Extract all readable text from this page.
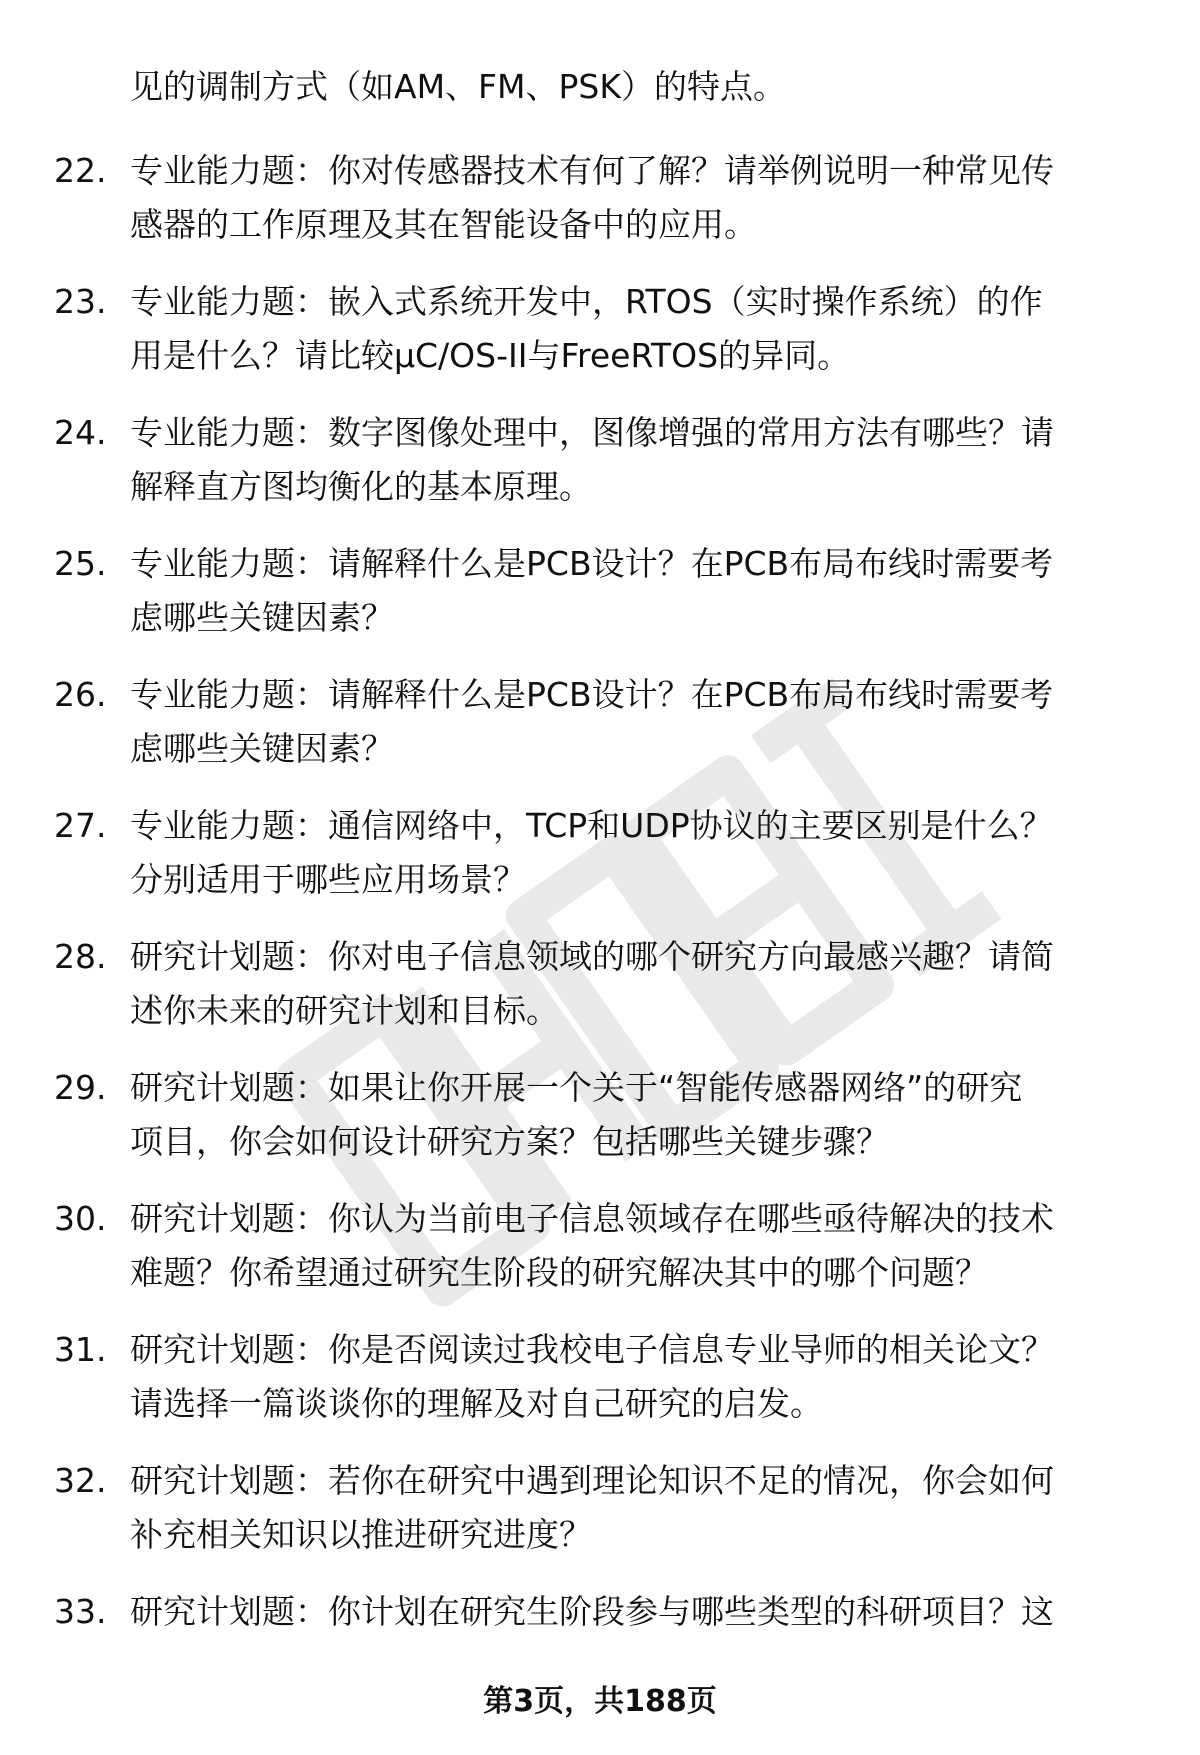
见的调制方式（如AM、FM、PSK）的特点。
22. 专业能力题：你对传感器技术有何了解？请举例说明一种常见传
感器的工作原理及其在智能设备中的应用。
23. 专业能力题：嵌入式系统开发中，RTOS（实时操作系统）的作
用是什么？请比较μC/OS-II与FreeRTOS的异同。
24. 专业能力题：数字图像处理中，图像增强的常用方法有哪些？请
解释直方图均衡化的基本原理。
25. 专业能力题：请解释什么是PCB设计？在PCB布局布线时需要考
虑哪些关键因素？
26. 专业能力题：请解释什么是PCB设计？在PCB布局布线时需要考
虑哪些关键因素？
27. 专业能力题：通信网络中，TCP和UDP协议的主要区别是什么？
分别适用于哪些应用场景？
28. 研究计划题：你对电子信息领域的哪个研究方向最感兴趣？请简
述你未来的研究计划和目标。
29. 研究计划题：如果让你开展一个关于“智能传感器网络”的研究
项目，你会如何设计研究方案？包括哪些关键步骤？
30. 研究计划题：你认为当前电子信息领域存在哪些亟待解决的技术
难题？你希望通过研究生阶段的研究解决其中的哪个问题？
31. 研究计划题：你是否阅读过我校电子信息专业导师的相关论文？
请选择一篇谈谈你的理解及对自己研究的启发。
32. 研究计划题：若你在研究中遇到理论知识不足的情况，你会如何
补充相关知识以推进研究进度？
33. 研究计划题：你计划在研究生阶段参与哪些类型的科研项目？这
第3页，共188页
